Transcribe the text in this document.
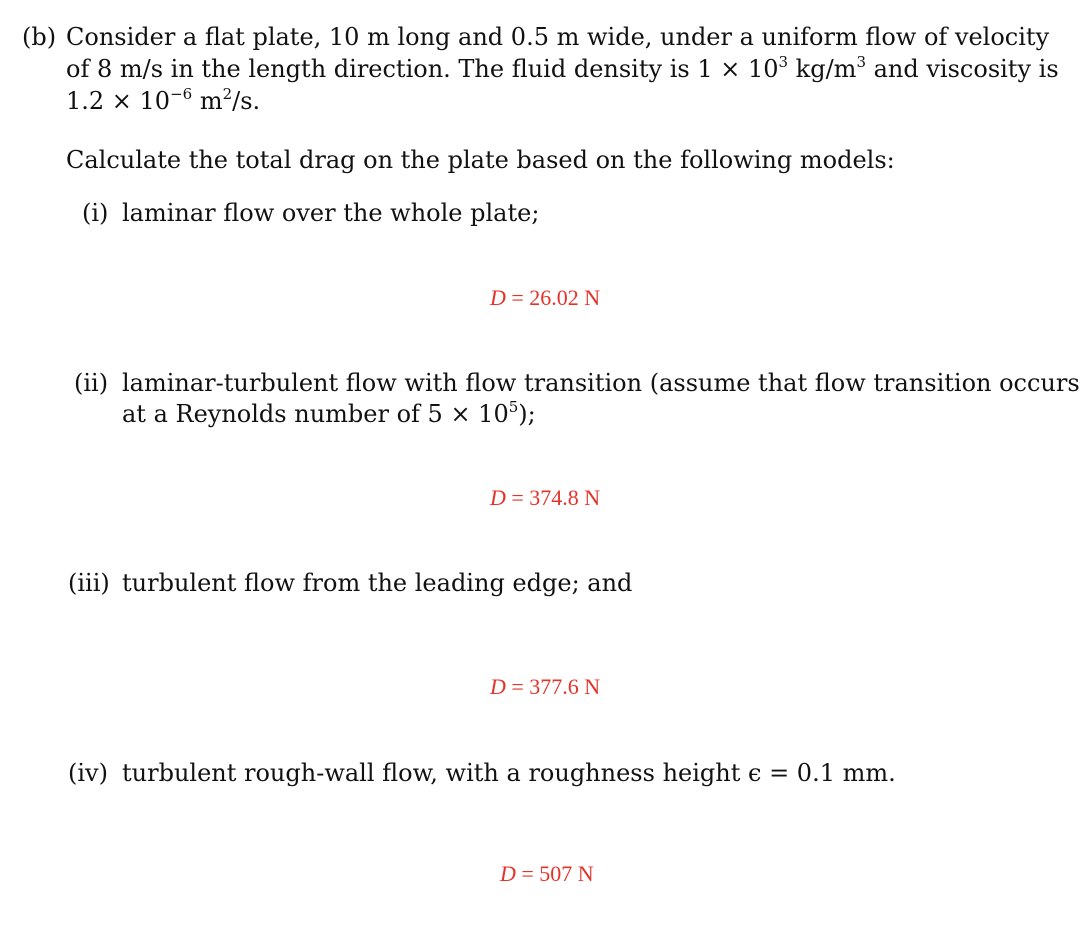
(b) Consider a flat plate, 10 m long and 0.5 m wide, under a uniform flow of velocity
of 8 m/s in the length direction. The fluid density is $1 \times 10^3$ $kg/m^3$ and viscosity is
$1.2 \times 10^{-6}$ $m^2/s$.
Calculate the total drag on the plate based on the following models:
(i) laminar flow over the whole plate;
D = 26.02 N
(ii) laminar-turbulent flow with flow transition (assume that flow transition occurs
at a Reynolds number of $5 \times 10^5$);
D = 374.8 N
(iii) turbulent flow from the leading edge; and
D = 377.6 N
(iv) turbulent rough-wall flow, with a roughness height ϵ = 0.1 mm.
D = 507 N
